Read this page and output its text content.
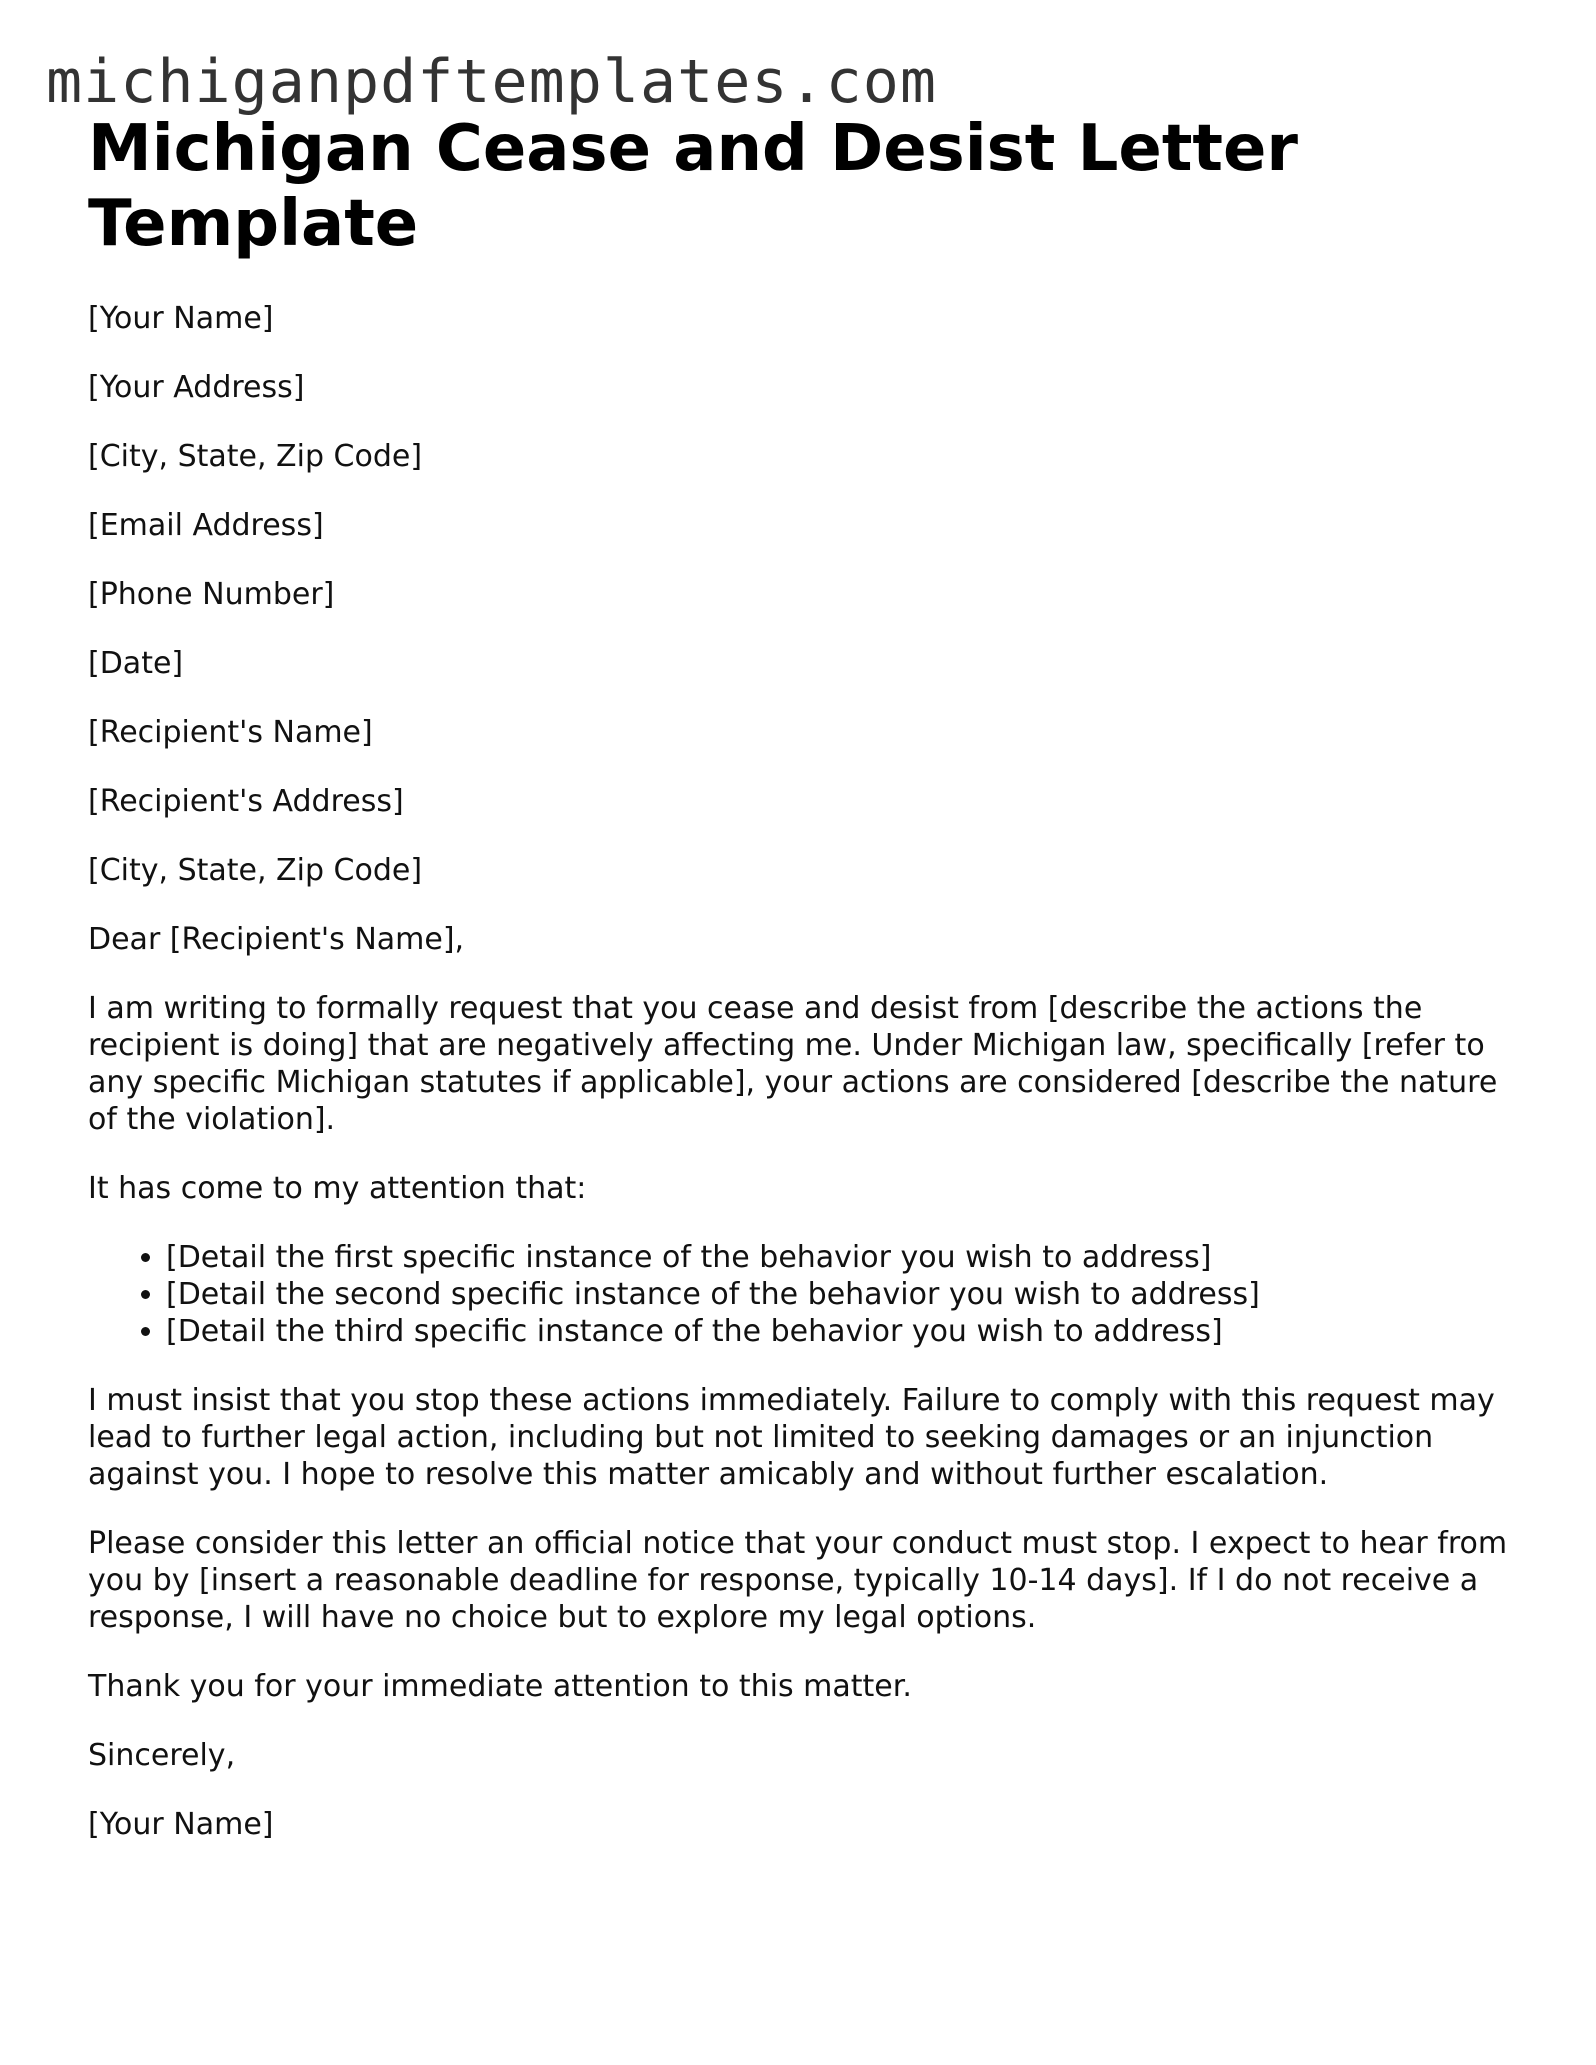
michiganpdftemplates.com
Michigan Cease and Desist Letter Template

[Your Name]

[Your Address]

[City, State, Zip Code]

[Email Address]

[Phone Number]

[Date]

[Recipient's Name]

[Recipient's Address]

[City, State, Zip Code]

Dear [Recipient's Name],

I am writing to formally request that you cease and desist from [describe the actions the recipient is doing] that are negatively affecting me. Under Michigan law, specifically [refer to any specific Michigan statutes if applicable], your actions are considered [describe the nature of the violation].

It has come to my attention that:

• [Detail the first specific instance of the behavior you wish to address]
• [Detail the second specific instance of the behavior you wish to address]
• [Detail the third specific instance of the behavior you wish to address]

I must insist that you stop these actions immediately. Failure to comply with this request may lead to further legal action, including but not limited to seeking damages or an injunction against you. I hope to resolve this matter amicably and without further escalation.

Please consider this letter an official notice that your conduct must stop. I expect to hear from you by [insert a reasonable deadline for response, typically 10-14 days]. If I do not receive a response, I will have no choice but to explore my legal options.

Thank you for your immediate attention to this matter.

Sincerely,

[Your Name]
